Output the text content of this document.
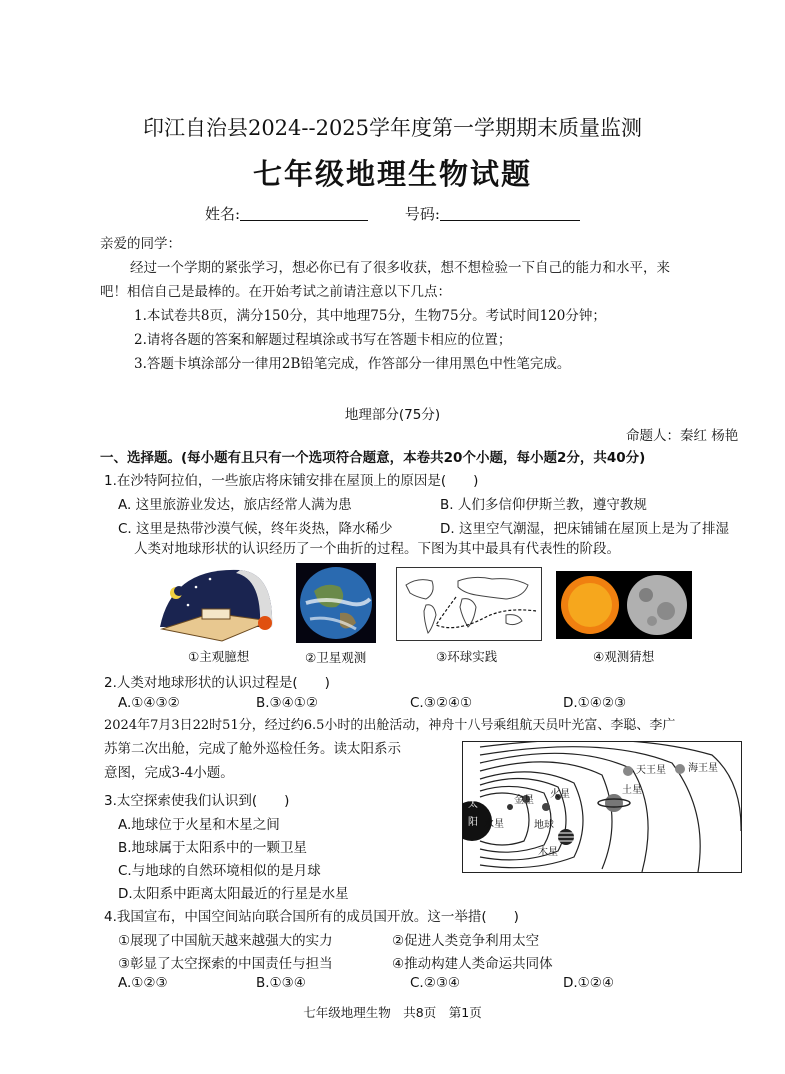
印江自治县2024--2025学年度第一学期期末质量监测
七年级地理生物试题
姓名:	号码:
亲爱的同学：
经过一个学期的紧张学习，想必你已有了很多收获，想不想检验一下自己的能力和水平，来
吧！相信自己是最棒的。在开始考试之前请注意以下几点：
1.本试卷共8页，满分150分，其中地理75分，生物75分。考试时间120分钟；
2.请将各题的答案和解题过程填涂或书写在答题卡相应的位置；
3.答题卡填涂部分一律用2B铅笔完成，作答部分一律用黑色中性笔完成。
地理部分(75分)
命题人：秦红 杨艳
一、选择题。(每小题有且只有一个选项符合题意，本卷共20个小题，每小题2分，共40分)
1.在沙特阿拉伯，一些旅店将床铺安排在屋顶上的原因是(　　)
A. 这里旅游业发达，旅店经常人满为患	B. 人们多信仰伊斯兰教，遵守教规
C. 这里是热带沙漠气候，终年炎热，降水稀少	D. 这里空气潮湿，把床铺铺在屋顶上是为了排湿
人类对地球形状的认识经历了一个曲折的过程。下图为其中最具有代表性的阶段。
①主观臆想	②卫星观测	③环球实践	④观测猜想
2.人类对地球形状的认识过程是(　　)
A.①④③②	B.③④①②	C.③②④①	D.①④②③
2024年7月3日22时51分，经过约6.5小时的出舱活动，神舟十八号乘组航天员叶光富、李聪、李广
苏第二次出舱，完成了舱外巡检任务。读太阳系示
意图，完成3-4小题。
太
阳 水星
金星
地球
火星
木星
土星
天王星 海王星
3.太空探索使我们认识到(　　)
A.地球位于火星和木星之间
B.地球属于太阳系中的一颗卫星
C.与地球的自然环境相似的是月球
D.太阳系中距离太阳最近的行星是水星
4.我国宣布，中国空间站向联合国所有的成员国开放。这一举措(　　)
①展现了中国航天越来越强大的实力	②促进人类竞争利用太空
③彰显了太空探索的中国责任与担当	④推动构建人类命运共同体
A.①②③	B.①③④	C.②③④	D.①②④
七年级地理生物　共8页　第1页
